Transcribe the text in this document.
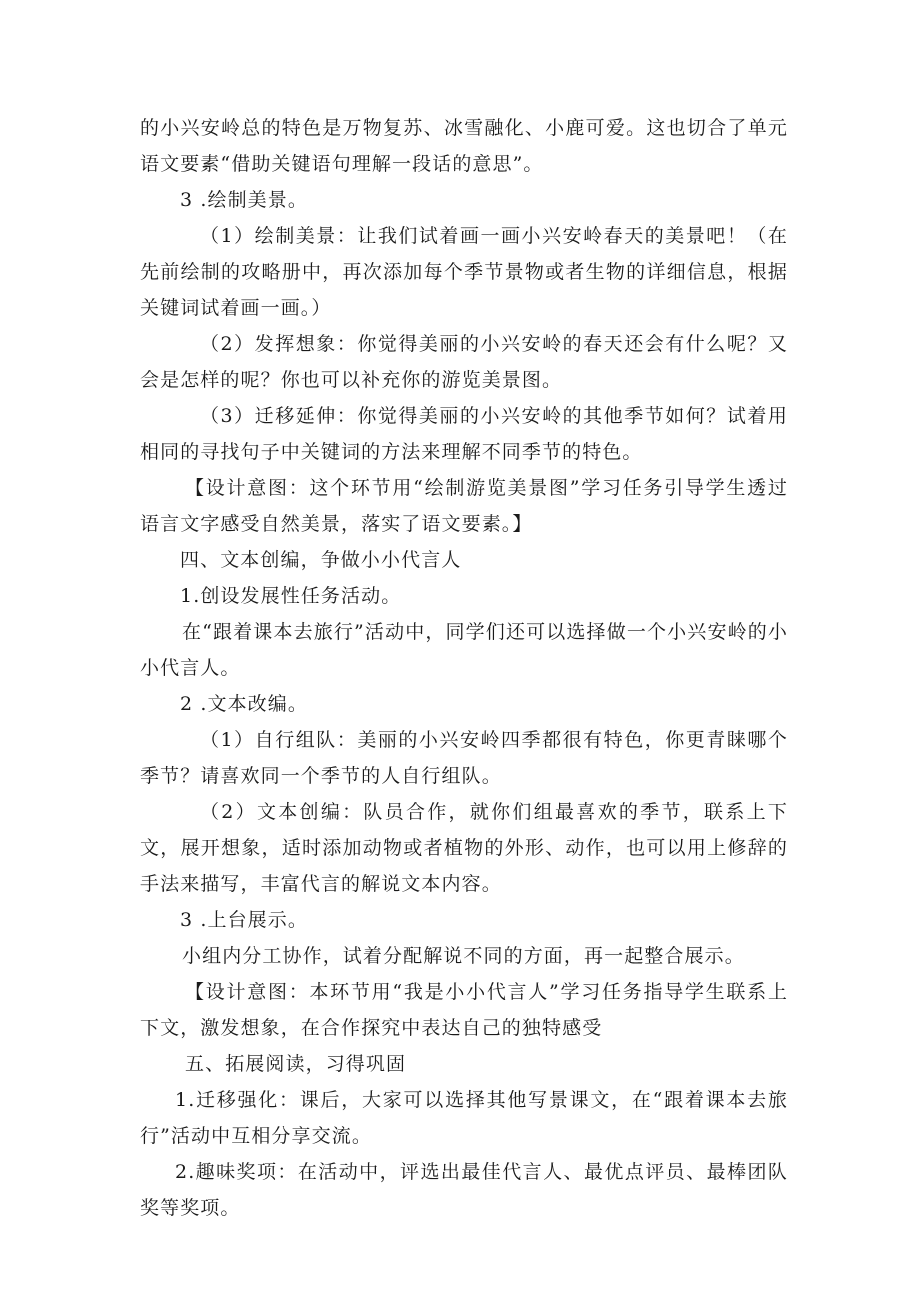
的小兴安岭总的特色是万物复苏、冰雪融化、小鹿可爱。这也切合了单元语文要素“借助关键语句理解一段话的意思”。

3 .绘制美景。

（1）绘制美景：让我们试着画一画小兴安岭春天的美景吧！（在先前绘制的攻略册中，再次添加每个季节景物或者生物的详细信息，根据关键词试着画一画。）

（2）发挥想象：你觉得美丽的小兴安岭的春天还会有什么呢？又会是怎样的呢？你也可以补充你的游览美景图。

（3）迁移延伸：你觉得美丽的小兴安岭的其他季节如何？试着用相同的寻找句子中关键词的方法来理解不同季节的特色。

【设计意图：这个环节用“绘制游览美景图”学习任务引导学生透过语言文字感受自然美景，落实了语文要素。】

四、文本创编，争做小小代言人

1.创设发展性任务活动。

在“跟着课本去旅行”活动中，同学们还可以选择做一个小兴安岭的小小代言人。

2 .文本改编。

（1）自行组队：美丽的小兴安岭四季都很有特色，你更青睐哪个季节？请喜欢同一个季节的人自行组队。

（2）文本创编：队员合作，就你们组最喜欢的季节，联系上下文，展开想象，适时添加动物或者植物的外形、动作，也可以用上修辞的手法来描写，丰富代言的解说文本内容。

3 .上台展示。

小组内分工协作，试着分配解说不同的方面，再一起整合展示。

【设计意图：本环节用“我是小小代言人”学习任务指导学生联系上下文，激发想象，在合作探究中表达自己的独特感受

五、拓展阅读，习得巩固

1.迁移强化：课后，大家可以选择其他写景课文，在“跟着课本去旅行”活动中互相分享交流。

2.趣味奖项：在活动中，评选出最佳代言人、最优点评员、最棒团队奖等奖项。
